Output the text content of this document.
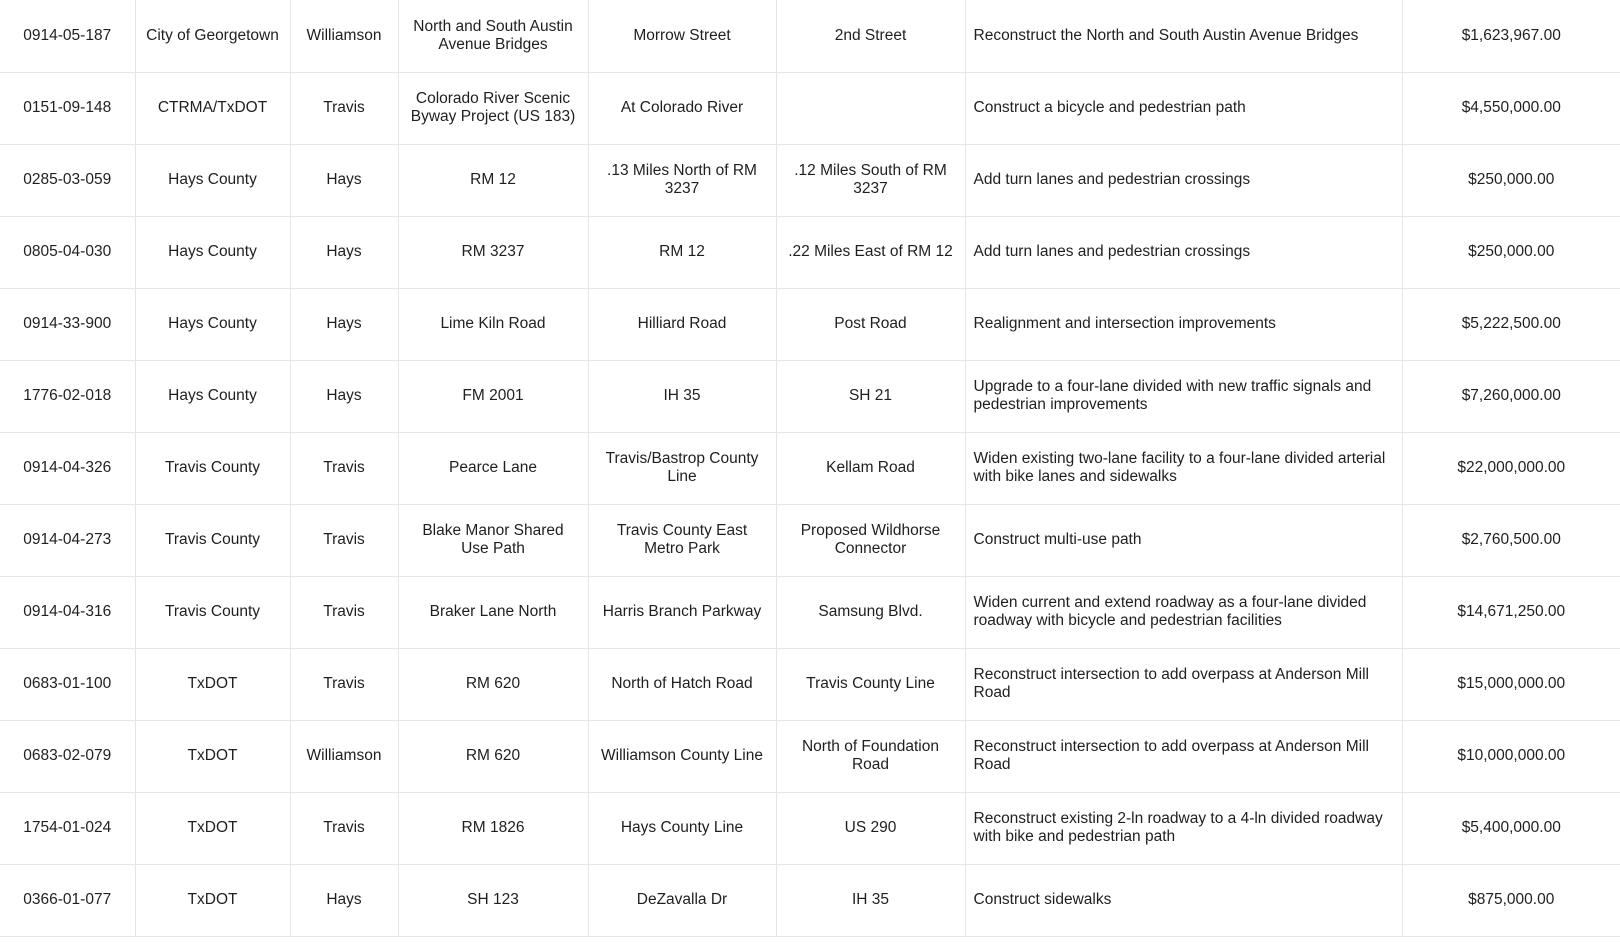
0914-05-187	City of Georgetown	Williamson	North and South Austin Avenue Bridges	Morrow Street	2nd Street	Reconstruct the North and South Austin Avenue Bridges	$1,623,967.00
0151-09-148	CTRMA/TxDOT	Travis	Colorado River Scenic Byway Project (US 183)	At Colorado River		Construct a bicycle and pedestrian path	$4,550,000.00
0285-03-059	Hays County	Hays	RM 12	.13 Miles North of RM 3237	.12 Miles South of RM 3237	Add turn lanes and pedestrian crossings	$250,000.00
0805-04-030	Hays County	Hays	RM 3237	RM 12	.22 Miles East of RM 12	Add turn lanes and pedestrian crossings	$250,000.00
0914-33-900	Hays County	Hays	Lime Kiln Road	Hilliard Road	Post Road	Realignment and intersection improvements	$5,222,500.00
1776-02-018	Hays County	Hays	FM 2001	IH 35	SH 21	Upgrade to a four-lane divided with new traffic signals and pedestrian improvements	$7,260,000.00
0914-04-326	Travis County	Travis	Pearce Lane	Travis/Bastrop County Line	Kellam Road	Widen existing two-lane facility to a four-lane divided arterial with bike lanes and sidewalks	$22,000,000.00
0914-04-273	Travis County	Travis	Blake Manor Shared Use Path	Travis County East Metro Park	Proposed Wildhorse Connector	Construct multi-use path	$2,760,500.00
0914-04-316	Travis County	Travis	Braker Lane North	Harris Branch Parkway	Samsung Blvd.	Widen current and extend roadway as a four-lane divided roadway with bicycle and pedestrian facilities	$14,671,250.00
0683-01-100	TxDOT	Travis	RM 620	North of Hatch Road	Travis County Line	Reconstruct intersection to add overpass at Anderson Mill Road	$15,000,000.00
0683-02-079	TxDOT	Williamson	RM 620	Williamson County Line	North of Foundation Road	Reconstruct intersection to add overpass at Anderson Mill Road	$10,000,000.00
1754-01-024	TxDOT	Travis	RM 1826	Hays County Line	US 290	Reconstruct existing 2-ln roadway to a 4-ln divided roadway with bike and pedestrian path	$5,400,000.00
0366-01-077	TxDOT	Hays	SH 123	DeZavalla Dr	IH 35	Construct sidewalks	$875,000.00
